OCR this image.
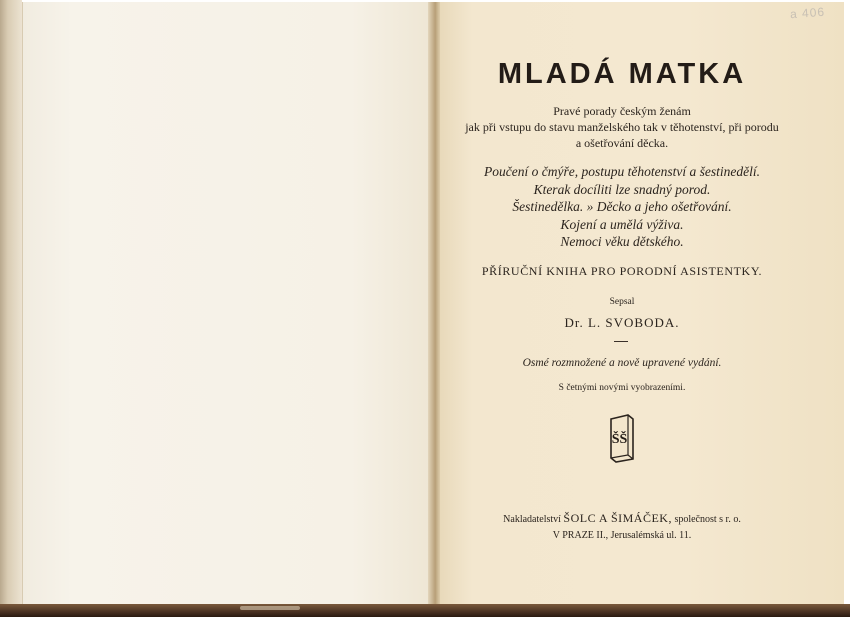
a 406
MLADÁ MATKA
Pravé porady českým ženám
jak při vstupu do stavu manželského tak v těhotenství, při porodu
a ošetřování děcka.
Poučení o čmýře, postupu těhotenství a šestinedělí.
Kterak docíliti lze snadný porod.
Šestinedělka. » Děcko a jeho ošetřování.
Kojení a umělá výživa.
Nemoci věku dětského.
PŘÍRUČNÍ KNIHA PRO PORODNÍ ASISTENTKY.
Sepsal
Dr. L. SVOBODA.
Osmé rozmnožené a nově upravené vydání.
S četnými novými vyobrazeními.
ŠŠ
Nakladatelství ŠOLC A ŠIMÁČEK, společnost s r. o.
V PRAZE II., Jerusalémská ul. 11.
